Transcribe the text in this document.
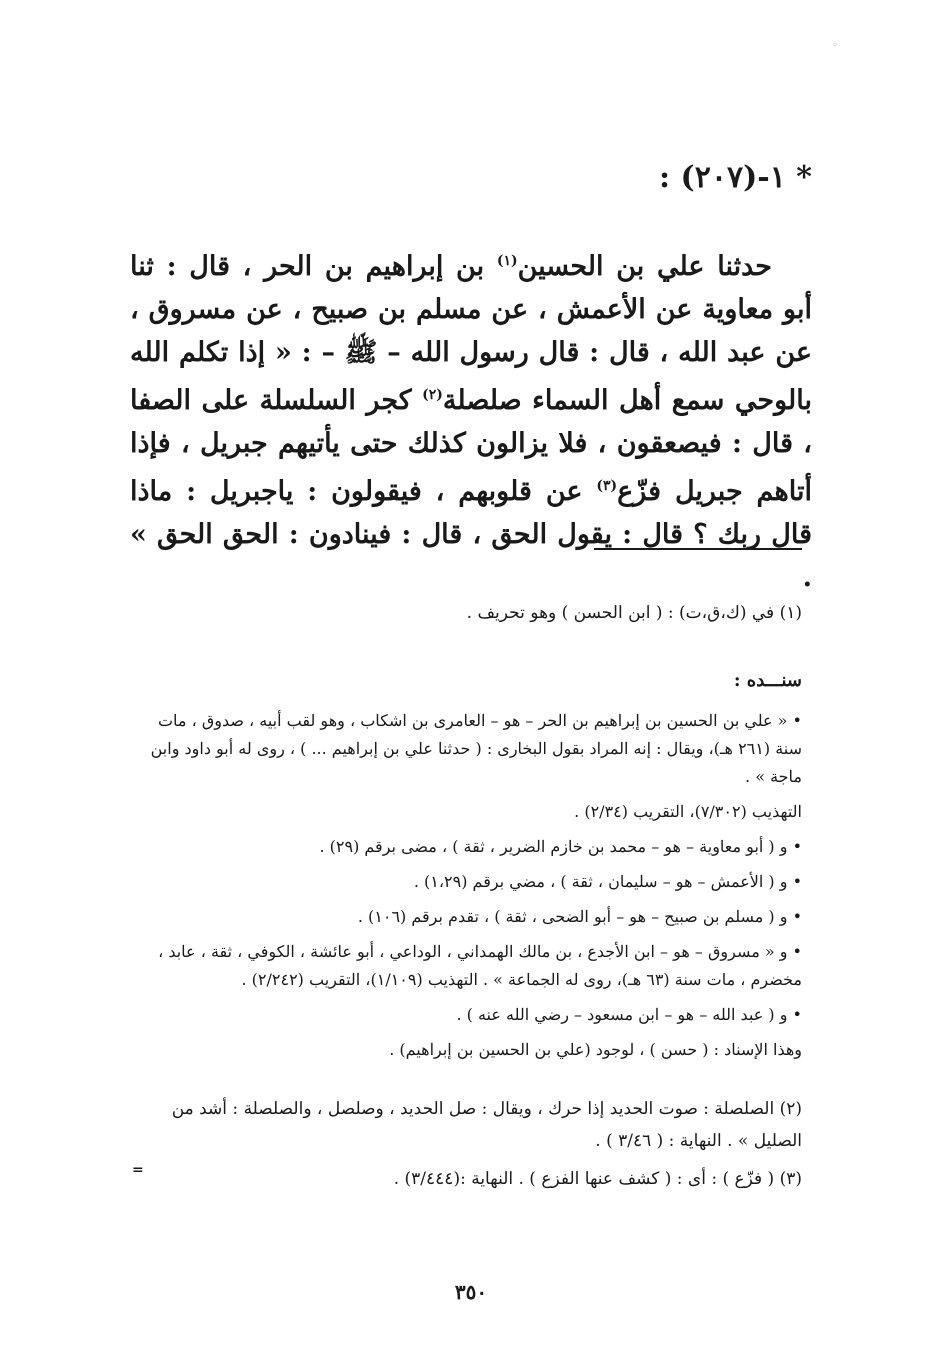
◦
* ١-(٢٠٧) :
حدثنا علي بن الحسين$^{(١)}$ بن إبراهيم بن الحر ، قال : ثنا أبو معاوية عن الأعمش ، عن مسلم بن صبيح ، عن مسروق ، عن عبد الله ، قال : قال رسول الله – ﷺ – : « إذا تكلم الله بالوحي سمع أهل السماء صلصلة$^{(٢)}$ كجر السلسلة على الصفا ، قال : فيصعقون ، فلا يزالون كذلك حتى يأتيهم جبريل ، فإذا أتاهم جبريل فزّع$^{(٣)}$ عن قلوبهم ، فيقولون : ياجبريل : ماذا قال ربك ؟ قال : يقول الحق ، قال : فينادون : الحق الحق » .
(١) في (ك،ق،ت) : ( ابن الحسن ) وهو تحريف .
سنـــده :

• « علي بن الحسين بن إبراهيم بن الحر – هو – العامرى بن اشكاب ، وهو لقب أبيه ، صدوق ، مات سنة (٢٦١ هـ)، ويقال : إنه المراد بقول البخارى : ( حدثنا علي بن إبراهيم ... ) ، روى له أبو داود وابن ماجة » .

التهذيب (٧/٣٠٢)، التقريب (٢/٣٤) .

• و ( أبو معاوية – هو – محمد بن خازم الضرير ، ثقة ) ، مضى برقم (٢٩) .

• و ( الأعمش – هو – سليمان ، ثقة ) ، مضي برقم (١،٢٩) .

• و ( مسلم بن صبيح – هو – أبو الضحى ، ثقة ) ، تقدم برقم (١٠٦) .

• و « مسروق – هو – ابن الأجدع ، بن مالك الهمداني ، الوداعي ، أبو عائشة ، الكوفي ، ثقة ، عابد ، مخضرم ، مات سنة (٦٣ هـ)، روى له الجماعة » . التهذيب (١/١٠٩)، التقريب (٢/٢٤٢) .

• و ( عبد الله – هو – ابن مسعود – رضي الله عنه ) .

وهذا الإسناد : ( حسن ) ، لوجود (علي بن الحسين بن إبراهيم) .

(٢) الصلصلة : صوت الحديد إذا حرك ، ويقال : صل الحديد ، وصلصل ، والصلصلة : أشد من الصليل » . النهاية : ( ٣/٤٦ ) .

(٣) ( فزّع ) : أى : ( كشف عنها الفزع ) . النهاية :(٣/٤٤٤) .

=
٣٥٠
